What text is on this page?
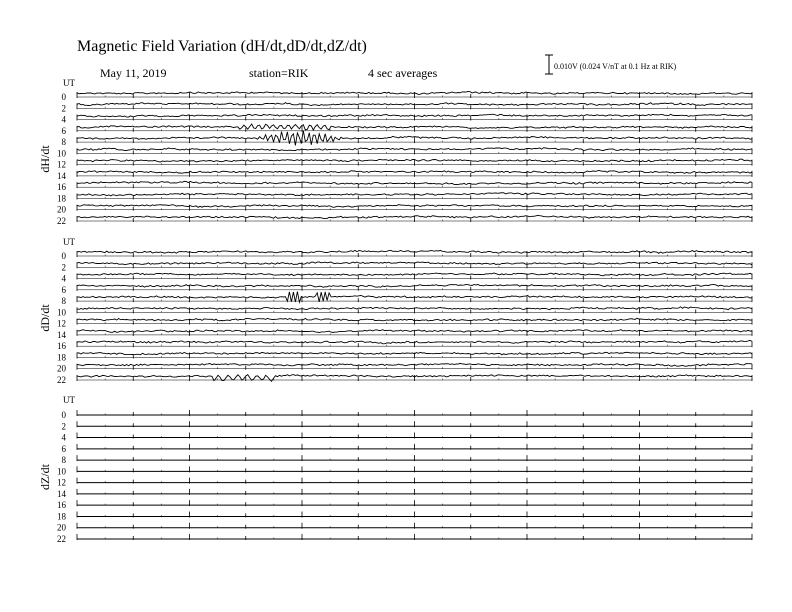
Magnetic Field Variation (dH/dt,dD/dt,dZ/dt)
May 11, 2019	station=RIK	4 sec averages	0.010V (0.024 V/nT at 0.1 Hz at RIK)
UT
dH/dt
0
2
4
6
8
10
12
14
16
18
20
22
UT
dD/dt
0
2
4
6
8
10
12
14
16
18
20
22
UT
dZ/dt
0
2
4
6
8
10
12
14
16
18
20
22
